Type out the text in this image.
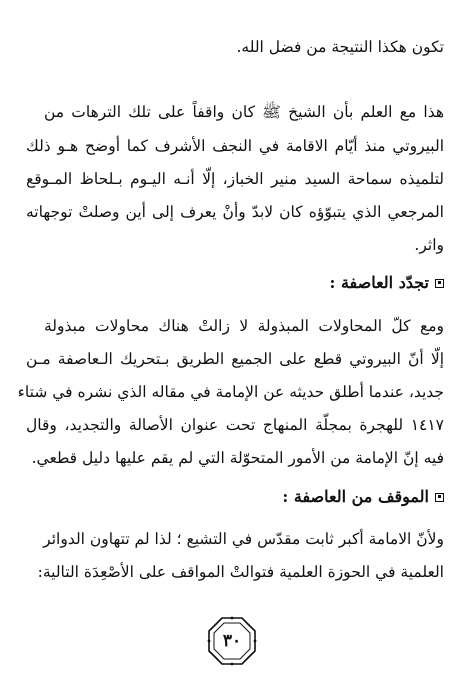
تكون هكذا النتيجة من فضل الله.
هذا مع العلم بأن الشيخ ﷺ كان واقفاً على تلك الترهات من
البيروتي منذ أيّام الاقامة في النجف الأشرف كما أوضح هـو ذلك
لتلميذه سماحة السيد منير الخباز، إلّا أنـه اليـوم بـلحاظ المـوقع
المرجعي الذي يتبوّؤه كان لابدّ وأنْ يعرف إلى أين وصلتْ توجهاته
واثر.
تجدّد العاصفة :
ومع كلّ المحاولات المبذولة لا زالتْ هناك محاولات مبذولة
إلّا أنّ البيروتي قطع على الجميع الطريق بـتحريك الـعاصفة مـن
جديد، عندما أطلق حديثه عن الإمامة في مقاله الذي نشره في شتاء
١٤١٧ للهجرة بمجلّة المنهاج تحت عنوان الأصالة والتجديد، وقال
فيه إنّ الإمامة من الأمور المتحوّلة التي لم يقم عليها دليل قطعي.
الموقف من العاصفة :
ولأنّ الامامة أكبر ثابت مقدّس في التشيع ؛ لذا لم تتهاون الدوائر
العلمية في الحوزة العلمية فتوالتْ المواقف على الأصْعِدَة التالية:
٣٠
